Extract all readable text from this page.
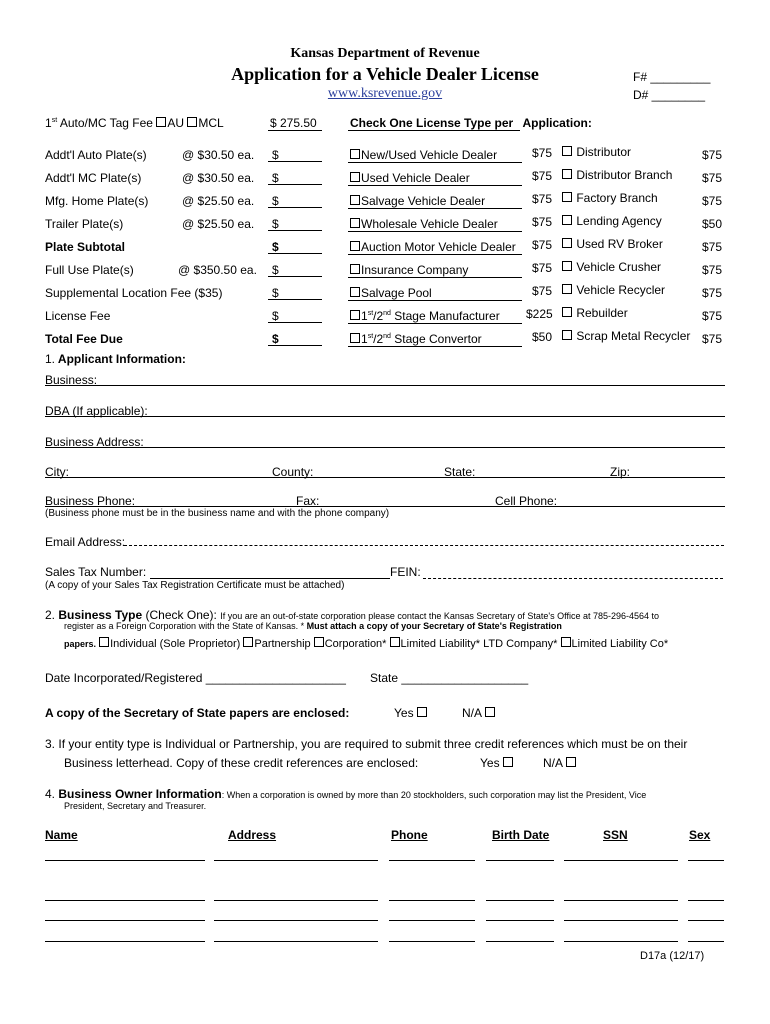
Kansas Department of Revenue
Application for a Vehicle Dealer License
www.ksrevenue.gov
F# _________
D# ________
1st Auto/MC Tag Fee AU MCL	$ 275.50	Check One License Type per Application:
Addt'l Auto Plate(s)	@ $30.50 ea. $
Addt'l MC Plate(s)	@ $30.50 ea. $
Mfg. Home Plate(s)	@ $25.50 ea. $
Trailer Plate(s)	@ $25.50 ea. $
Plate Subtotal	$
Full Use Plate(s)	@ $350.50 ea. $
Supplemental Location Fee ($35)	$
License Fee	$
Total Fee Due	$
New/Used Vehicle Dealer	$75
Used Vehicle Dealer	$75
Salvage Vehicle Dealer	$75
Wholesale Vehicle Dealer	$75
Auction Motor Vehicle Dealer $75
Insurance Company	$75
Salvage Pool	$75
1st/2nd Stage Manufacturer $225
1st/2nd Stage Convertor	$50
Distributor	$75
Distributor Branch $75
Factory Branch	$75
Lending Agency	$50
Used RV Broker	$75
Vehicle Crusher	$75
Vehicle Recycler	$75
Rebuilder	$75
Scrap Metal Recycler $75
1. Applicant Information:
Business:
DBA (If applicable):
Business Address:
City:	County:	State:	Zip:
Business Phone:	Fax:	Cell Phone:
(Business phone must be in the business name and with the phone company)
Email Address:
Sales Tax Number:	FEIN:
(A copy of your Sales Tax Registration Certificate must be attached)
2. Business Type (Check One): If you are an out-of-state corporation please contact the Kansas Secretary of State's Office at 785-296-4564 to
register as a Foreign Corporation with the State of Kansas. * Must attach a copy of your Secretary of State's Registration
papers. Individual (Sole Proprietor) Partnership Corporation* Limited Liability* LTD Company* Limited Liability Co*
Date Incorporated/Registered _____________________ State ___________________
A copy of the Secretary of State papers are enclosed:	Yes	N/A
3. If your entity type is Individual or Partnership, you are required to submit three credit references which must be on their
Business letterhead. Copy of these credit references are enclosed:	Yes	N/A
4. Business Owner Information: When a corporation is owned by more than 20 stockholders, such corporation may list the President, Vice
President, Secretary and Treasurer.
Name	Address	Phone	Birth Date	SSN	Sex
D17a (12/17)
